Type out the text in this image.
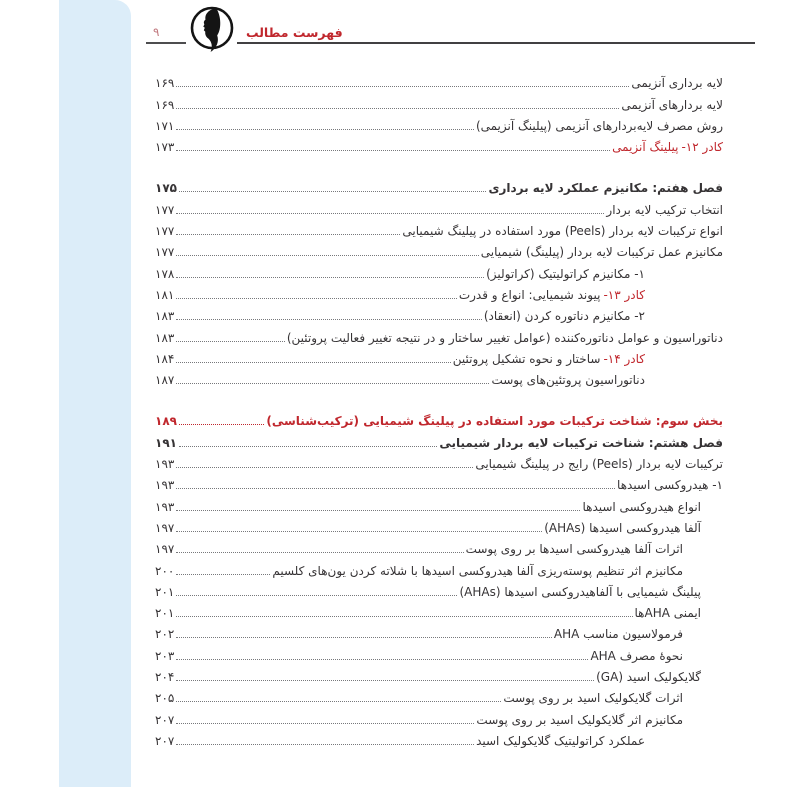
۹	فهرست مطالب
لایه برداری آنزیمی
۱۶۹
لایه بردارهای آنزیمی
۱۶۹
روش مصرف لایه‌بردارهای آنزیمی (پیلینگ آنزیمی)
۱۷۱
کادر ۱۲-پیلینگ آنزیمی
۱۷۳
فصل هفتم: مکانیزم عملکرد لایه برداری
۱۷۵
انتخاب ترکیب لایه بردار
۱۷۷
انواع ترکیبات لایه بردار (Peels) مورد استفاده در پیلینگ شیمیایی
۱۷۷
مکانیزم عمل ترکیبات لایه بردار (پیلینگ) شیمیایی
۱۷۷
۱- مکانیزم کراتولیتیک (کراتولیز)
۱۷۸
کادر ۱۳-پیوند شیمیایی: انواع و قدرت
۱۸۱
۲- مکانیزم دناتوره کردن (انعقاد)
۱۸۳
دناتوراسیون و عوامل دناتوره‌کننده (عوامل تغییر ساختار و در نتیجه تغییر فعالیت پروتئین)
۱۸۳
کادر ۱۴-ساختار و نحوه تشکیل پروتئین
۱۸۴
دناتوراسیون پروتئین‌های پوست
۱۸۷
بخش سوم: شناخت ترکیبات مورد استفاده در پیلینگ شیمیایی (ترکیب‌شناسی)
۱۸۹
فصل هشتم: شناخت ترکیبات لایه بردار شیمیایی
۱۹۱
ترکیبات لایه بردار (Peels) رایج در پیلینگ شیمیایی
۱۹۳
۱- هیدروکسی اسیدها
۱۹۳
انواع هیدروکسی اسیدها
۱۹۳
آلفا هیدروکسی اسیدها (AHAs)
۱۹۷
اثرات آلفا هیدروکسی اسیدها بر روی پوست
۱۹۷
مکانیزم اثر تنظیم پوسته‌ریزی آلفا هیدروکسی اسیدها با شلاته کردن یون‌های کلسیم
۲۰۰
پیلینگ شیمیایی با آلفاهیدروکسی اسیدها (AHAs)
۲۰۱
ایمنی AHAها
۲۰۱
فرمولاسیون مناسب AHA
۲۰۲
نحوۀ مصرف AHA
۲۰۳
گلایکولیک اسید (GA)
۲۰۴
اثرات گلایکولیک اسید بر روی پوست
۲۰۵
مکانیزم اثر گلایکولیک اسید بر روی پوست
۲۰۷
عملکرد کراتولیتیک گلایکولیک اسید
۲۰۷
